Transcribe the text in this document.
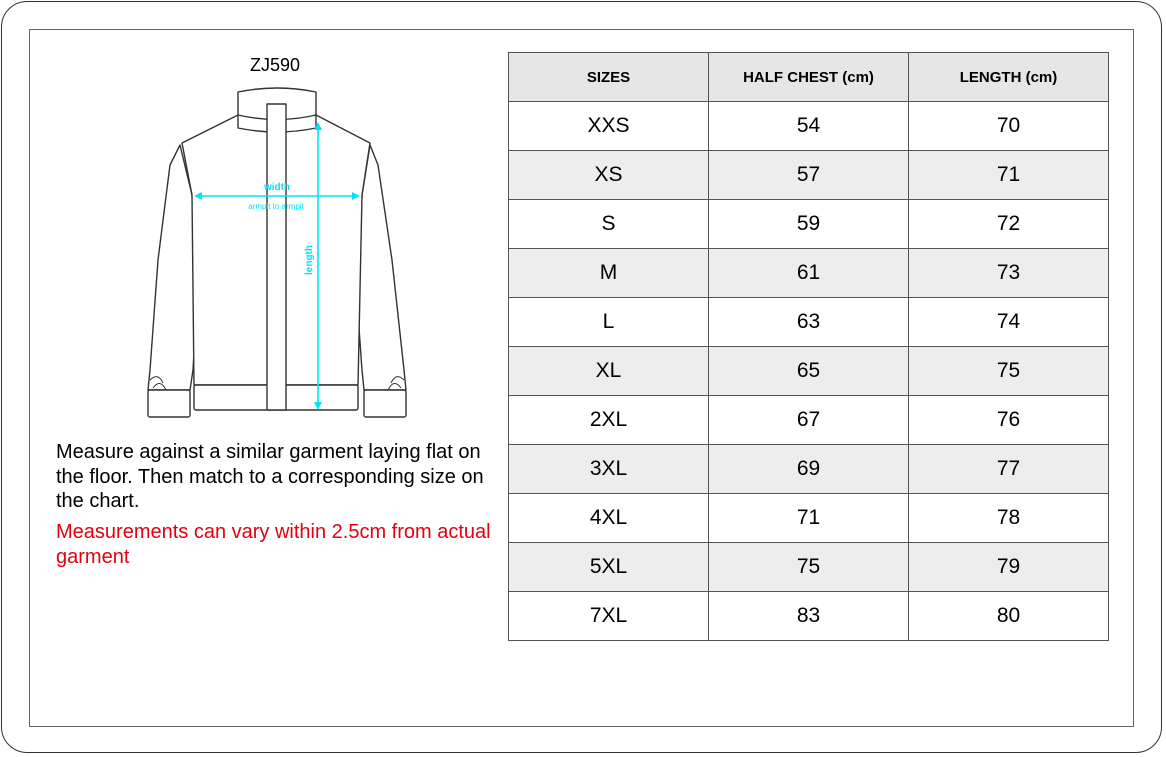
ZJ590
width
armpit to armpit
length
Measure against a similar garment laying flat on the floor. Then match to a corresponding size on the chart.
Measurements can vary within 2.5cm from actual garment
SIZES	HALF CHEST (cm)	LENGTH (cm)
XXS	54	70
XS	57	71
S	59	72
M	61	73
L	63	74
XL	65	75
2XL	67	76
3XL	69	77
4XL	71	78
5XL	75	79
7XL	83	80
